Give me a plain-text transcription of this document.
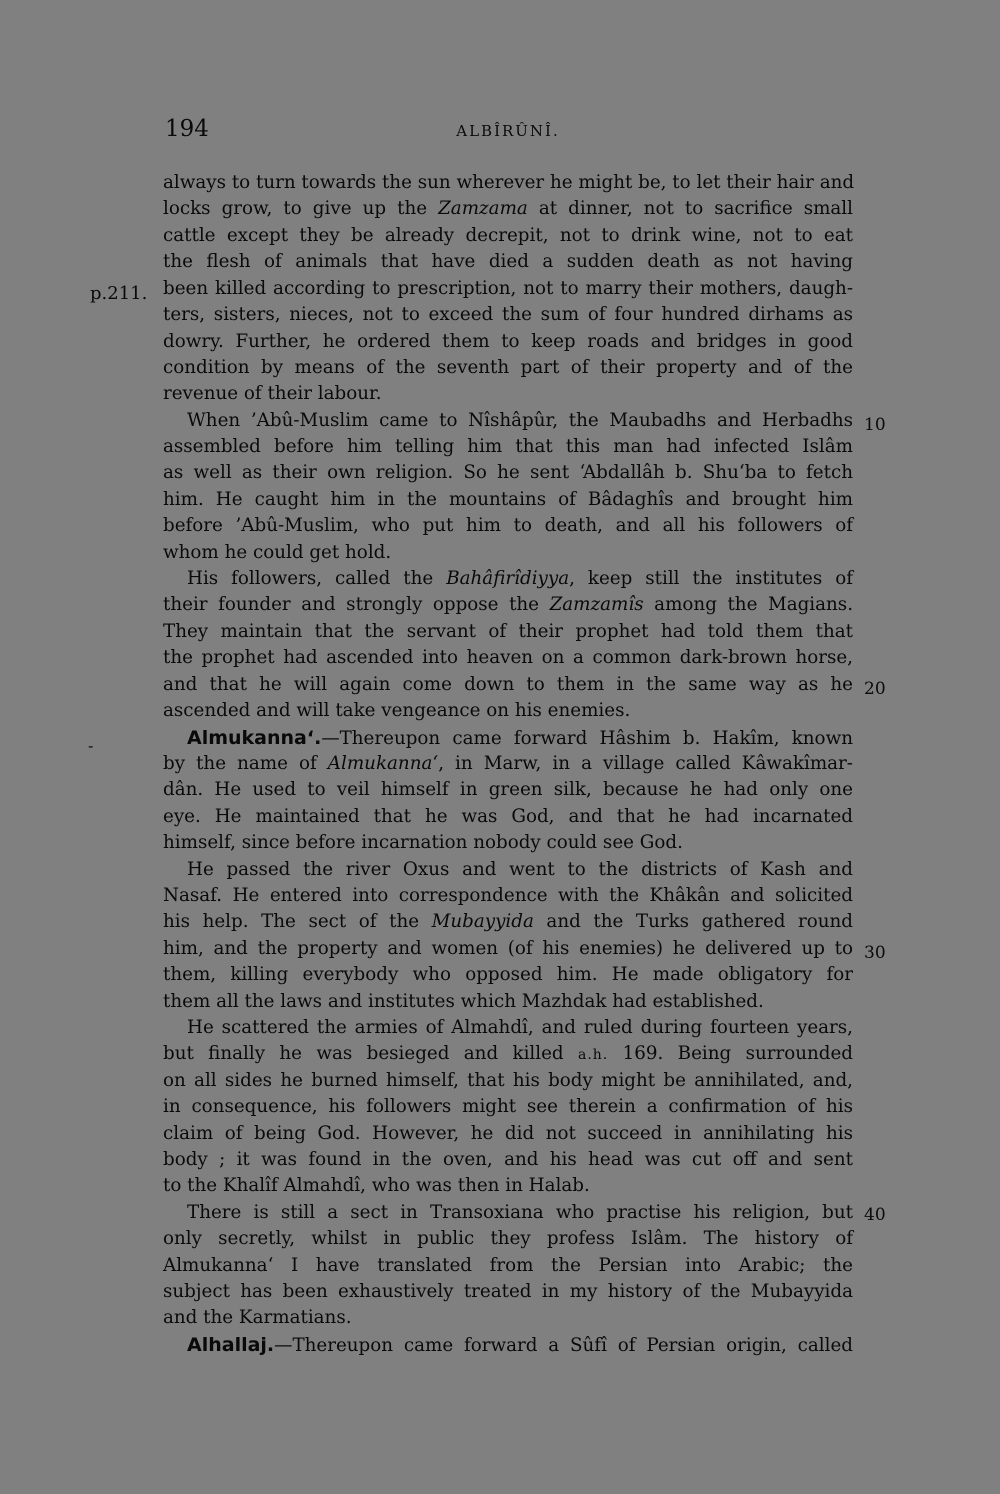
194	ALBÎRÛNÎ.
p.211.
10
20
30
40
-
always to turn towards the sun wherever he might be, to let their hair and
locks grow, to give up the Zamzama at dinner, not to sacrifice small
cattle except they be already decrepit, not to drink wine, not to eat
the flesh of animals that have died a sudden death as not having
been killed according to prescription, not to marry their mothers, daugh-
ters, sisters, nieces, not to exceed the sum of four hundred dirhams as
dowry. Further, he ordered them to keep roads and bridges in good
condition by means of the seventh part of their property and of the
revenue of their labour.
When ’Abû-Muslim came to Nîshâpûr, the Maubadhs and Herbadhs
assembled before him telling him that this man had infected Islâm
as well as their own religion. So he sent ‘Abdallâh b. Shu‘ba to fetch
him. He caught him in the mountains of Bâdaghîs and brought him
before ’Abû-Muslim, who put him to death, and all his followers of
whom he could get hold.
His followers, called the Bahâfirîdiyya, keep still the institutes of
their founder and strongly oppose the Zamzamîs among the Magians.
They maintain that the servant of their prophet had told them that
the prophet had ascended into heaven on a common dark-brown horse,
and that he will again come down to them in the same way as he
ascended and will take vengeance on his enemies.
Almukanna‘.—Thereupon came forward Hâshim b. Hakîm, known
by the name of Almukanna‘, in Marw, in a village called Kâwakîmar-
dân. He used to veil himself in green silk, because he had only one
eye. He maintained that he was God, and that he had incarnated
himself, since before incarnation nobody could see God.
He passed the river Oxus and went to the districts of Kash and
Nasaf. He entered into correspondence with the Khâkân and solicited
his help. The sect of the Mubayyida and the Turks gathered round
him, and the property and women (of his enemies) he delivered up to
them, killing everybody who opposed him. He made obligatory for
them all the laws and institutes which Mazhdak had established.
He scattered the armies of Almahdî, and ruled during fourteen years,
but finally he was besieged and killed a.h. 169. Being surrounded
on all sides he burned himself, that his body might be annihilated, and,
in consequence, his followers might see therein a confirmation of his
claim of being God. However, he did not succeed in annihilating his
body ; it was found in the oven, and his head was cut off and sent
to the Khalîf Almahdî, who was then in Halab.
There is still a sect in Transoxiana who practise his religion, but
only secretly, whilst in public they profess Islâm. The history of
Almukanna‘ I have translated from the Persian into Arabic; the
subject has been exhaustively treated in my history of the Mubayyida
and the Karmatians.
Alhallaj.—Thereupon came forward a Sûfî of Persian origin, called
